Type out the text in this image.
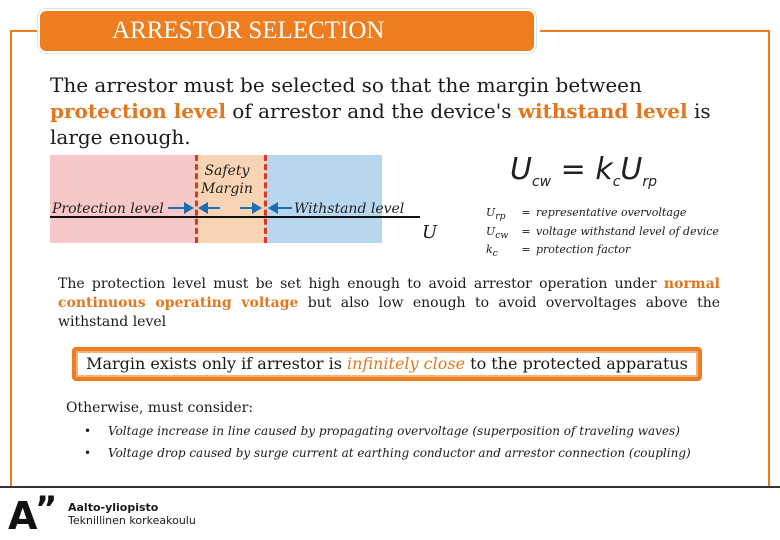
ARRESTOR SELECTION
The arrestor must be selected so that the margin between protection level of arrestor and the device's withstand level is large enough.
Safety
Margin
Protection level	Withstand level
U
$U_{cw} = k_cU_{rp}$
$U_{rp}$	= representative overvoltage
$U_{cw}$	= voltage withstand level of device
$k_c$	= protection factor
The protection level must be set high enough to avoid arrestor operation under normal continuous operating voltage but also low enough to avoid overvoltages above the withstand level
Margin exists only if arrestor is infinitely close to the protected apparatus
Otherwise, must consider:
•	Voltage increase in line caused by propagating overvoltage (superposition of traveling waves)
•	Voltage drop caused by surge current at earthing conductor and arrestor connection (coupling)
A
” Aalto-yliopisto
Teknillinen korkeakoulu
